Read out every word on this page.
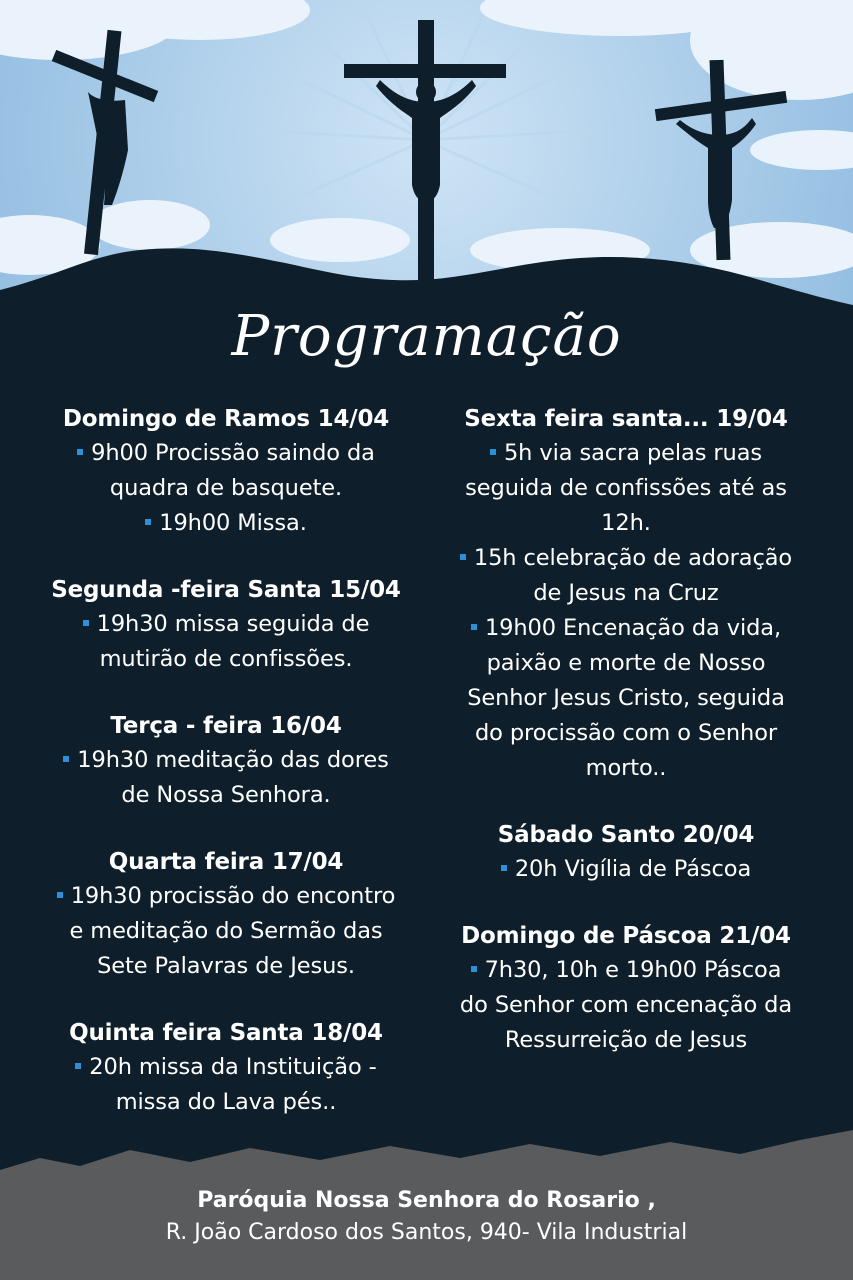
Programação
Domingo de Ramos 14/04
9h00 Procissão saindo da
quadra de basquete.
19h00 Missa.
Segunda -feira Santa 15/04
19h30 missa seguida de
mutirão de confissões.
Terça - feira 16/04
19h30 meditação das dores
de Nossa Senhora.
Quarta feira 17/04
19h30 procissão do encontro
e meditação do Sermão das
Sete Palavras de Jesus.
Quinta feira Santa 18/04
20h missa da Instituição -
missa do Lava pés..
Sexta feira santa... 19/04
5h via sacra pelas ruas
seguida de confissões até as
12h.
15h celebração de adoração
de Jesus na Cruz
19h00 Encenação da vida,
paixão e morte de Nosso
Senhor Jesus Cristo, seguida
do procissão com o Senhor
morto..
Sábado Santo 20/04
20h Vigília de Páscoa
Domingo de Páscoa 21/04
7h30, 10h e 19h00 Páscoa
do Senhor com encenação da
Ressurreição de Jesus
Paróquia Nossa Senhora do Rosario ,
R. João Cardoso dos Santos, 940- Vila Industrial
